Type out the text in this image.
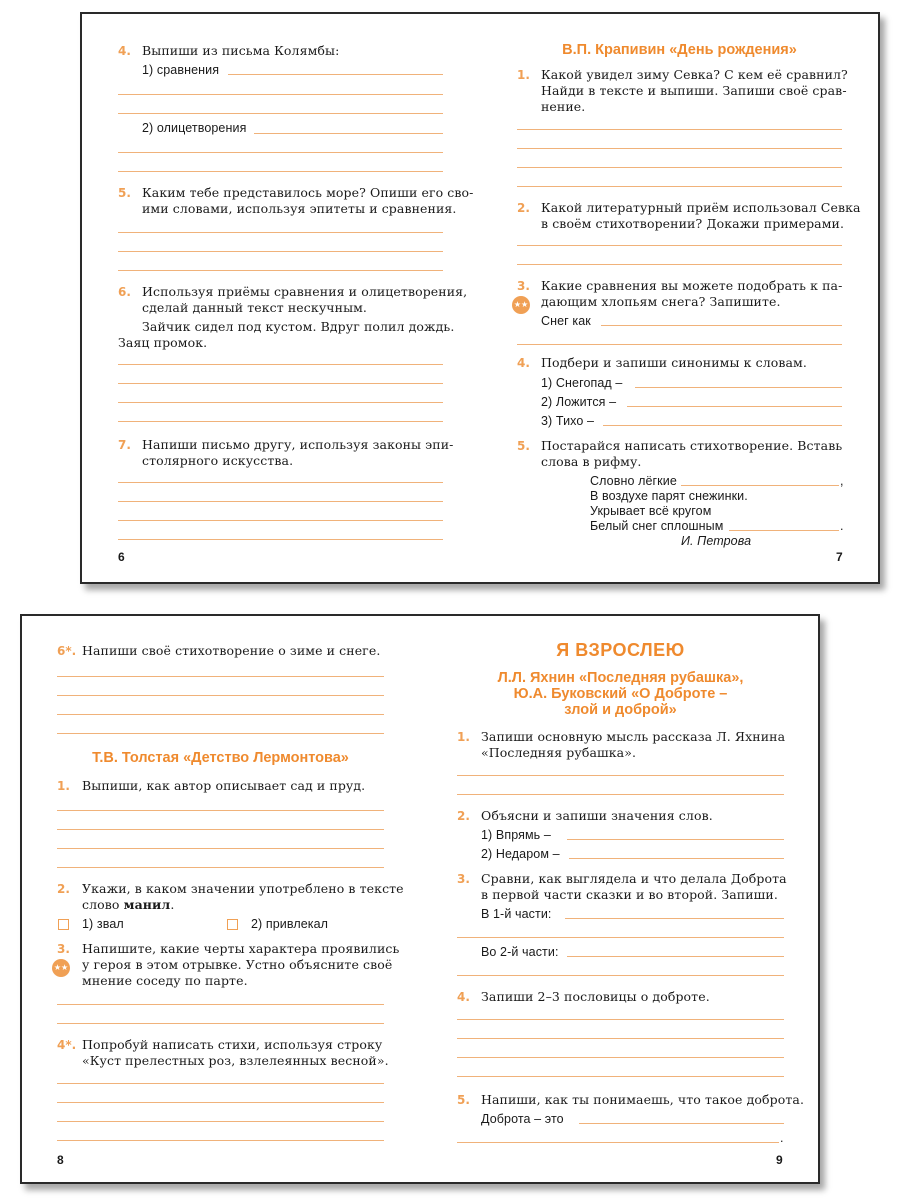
4. Выпиши из письма Колямбы:
1) сравнения
2) олицетворения
5. Каким тебе представилось море? Опиши его сво-
ими словами, используя эпитеты и сравнения.
6. Используя приёмы сравнения и олицетворения,
сделай данный текст нескучным.
Зайчик сидел под кустом. Вдруг полил дождь.
Заяц промок.
7. Напиши письмо другу, используя законы эпи-
столярного искусства.
6
В.П. Крапивин «День рождения»
1. Какой увидел зиму Севка? С кем её сравнил?
Найди в тексте и выпиши. Запиши своё срав-
нение.
2. Какой литературный приём использовал Севка
в своём стихотворении? Докажи примерами.
3.
★★
Какие сравнения вы можете подобрать к па-
дающим хлопьям снега? Запишите.
Снег как
4. Подбери и запиши синонимы к словам.
1) Снегопад –
2) Ложится –
3) Тихо –
5. Постарайся написать стихотворение. Вставь
слова в рифму.
Словно лёгкие	,
В воздухе парят снежинки.
Укрывает всё кругом
Белый снег сплошным	.
И. Петрова
7
6*. Напиши своё стихотворение о зиме и снеге.
Т.В. Толстая «Детство Лермонтова»
1. Выпиши, как автор описывает сад и пруд.
2. Укажи, в каком значении употреблено в тексте
слово манил.
1) звал	2) привлекал
3.
★★
Напишите, какие черты характера проявились
у героя в этом отрывке. Устно объясните своё
мнение соседу по парте.
4*. Попробуй написать стихи, используя строку
«Куст прелестных роз, взлелеянных весной».
8
Я ВЗРОСЛЕЮ
Л.Л. Яхнин «Последняя рубашка»,
Ю.А. Буковский «О Доброте –
злой и доброй»
1. Запиши основную мысль рассказа Л. Яхнина
«Последняя рубашка».
2. Объясни и запиши значения слов.
1) Впрямь –
2) Недаром –
3. Сравни, как выглядела и что делала Доброта
в первой части сказки и во второй. Запиши.
В 1-й части:
Во 2-й части:
4. Запиши 2–3 пословицы о доброте.
5. Напиши, как ты понимаешь, что такое доброта.
Доброта – это
.
9
